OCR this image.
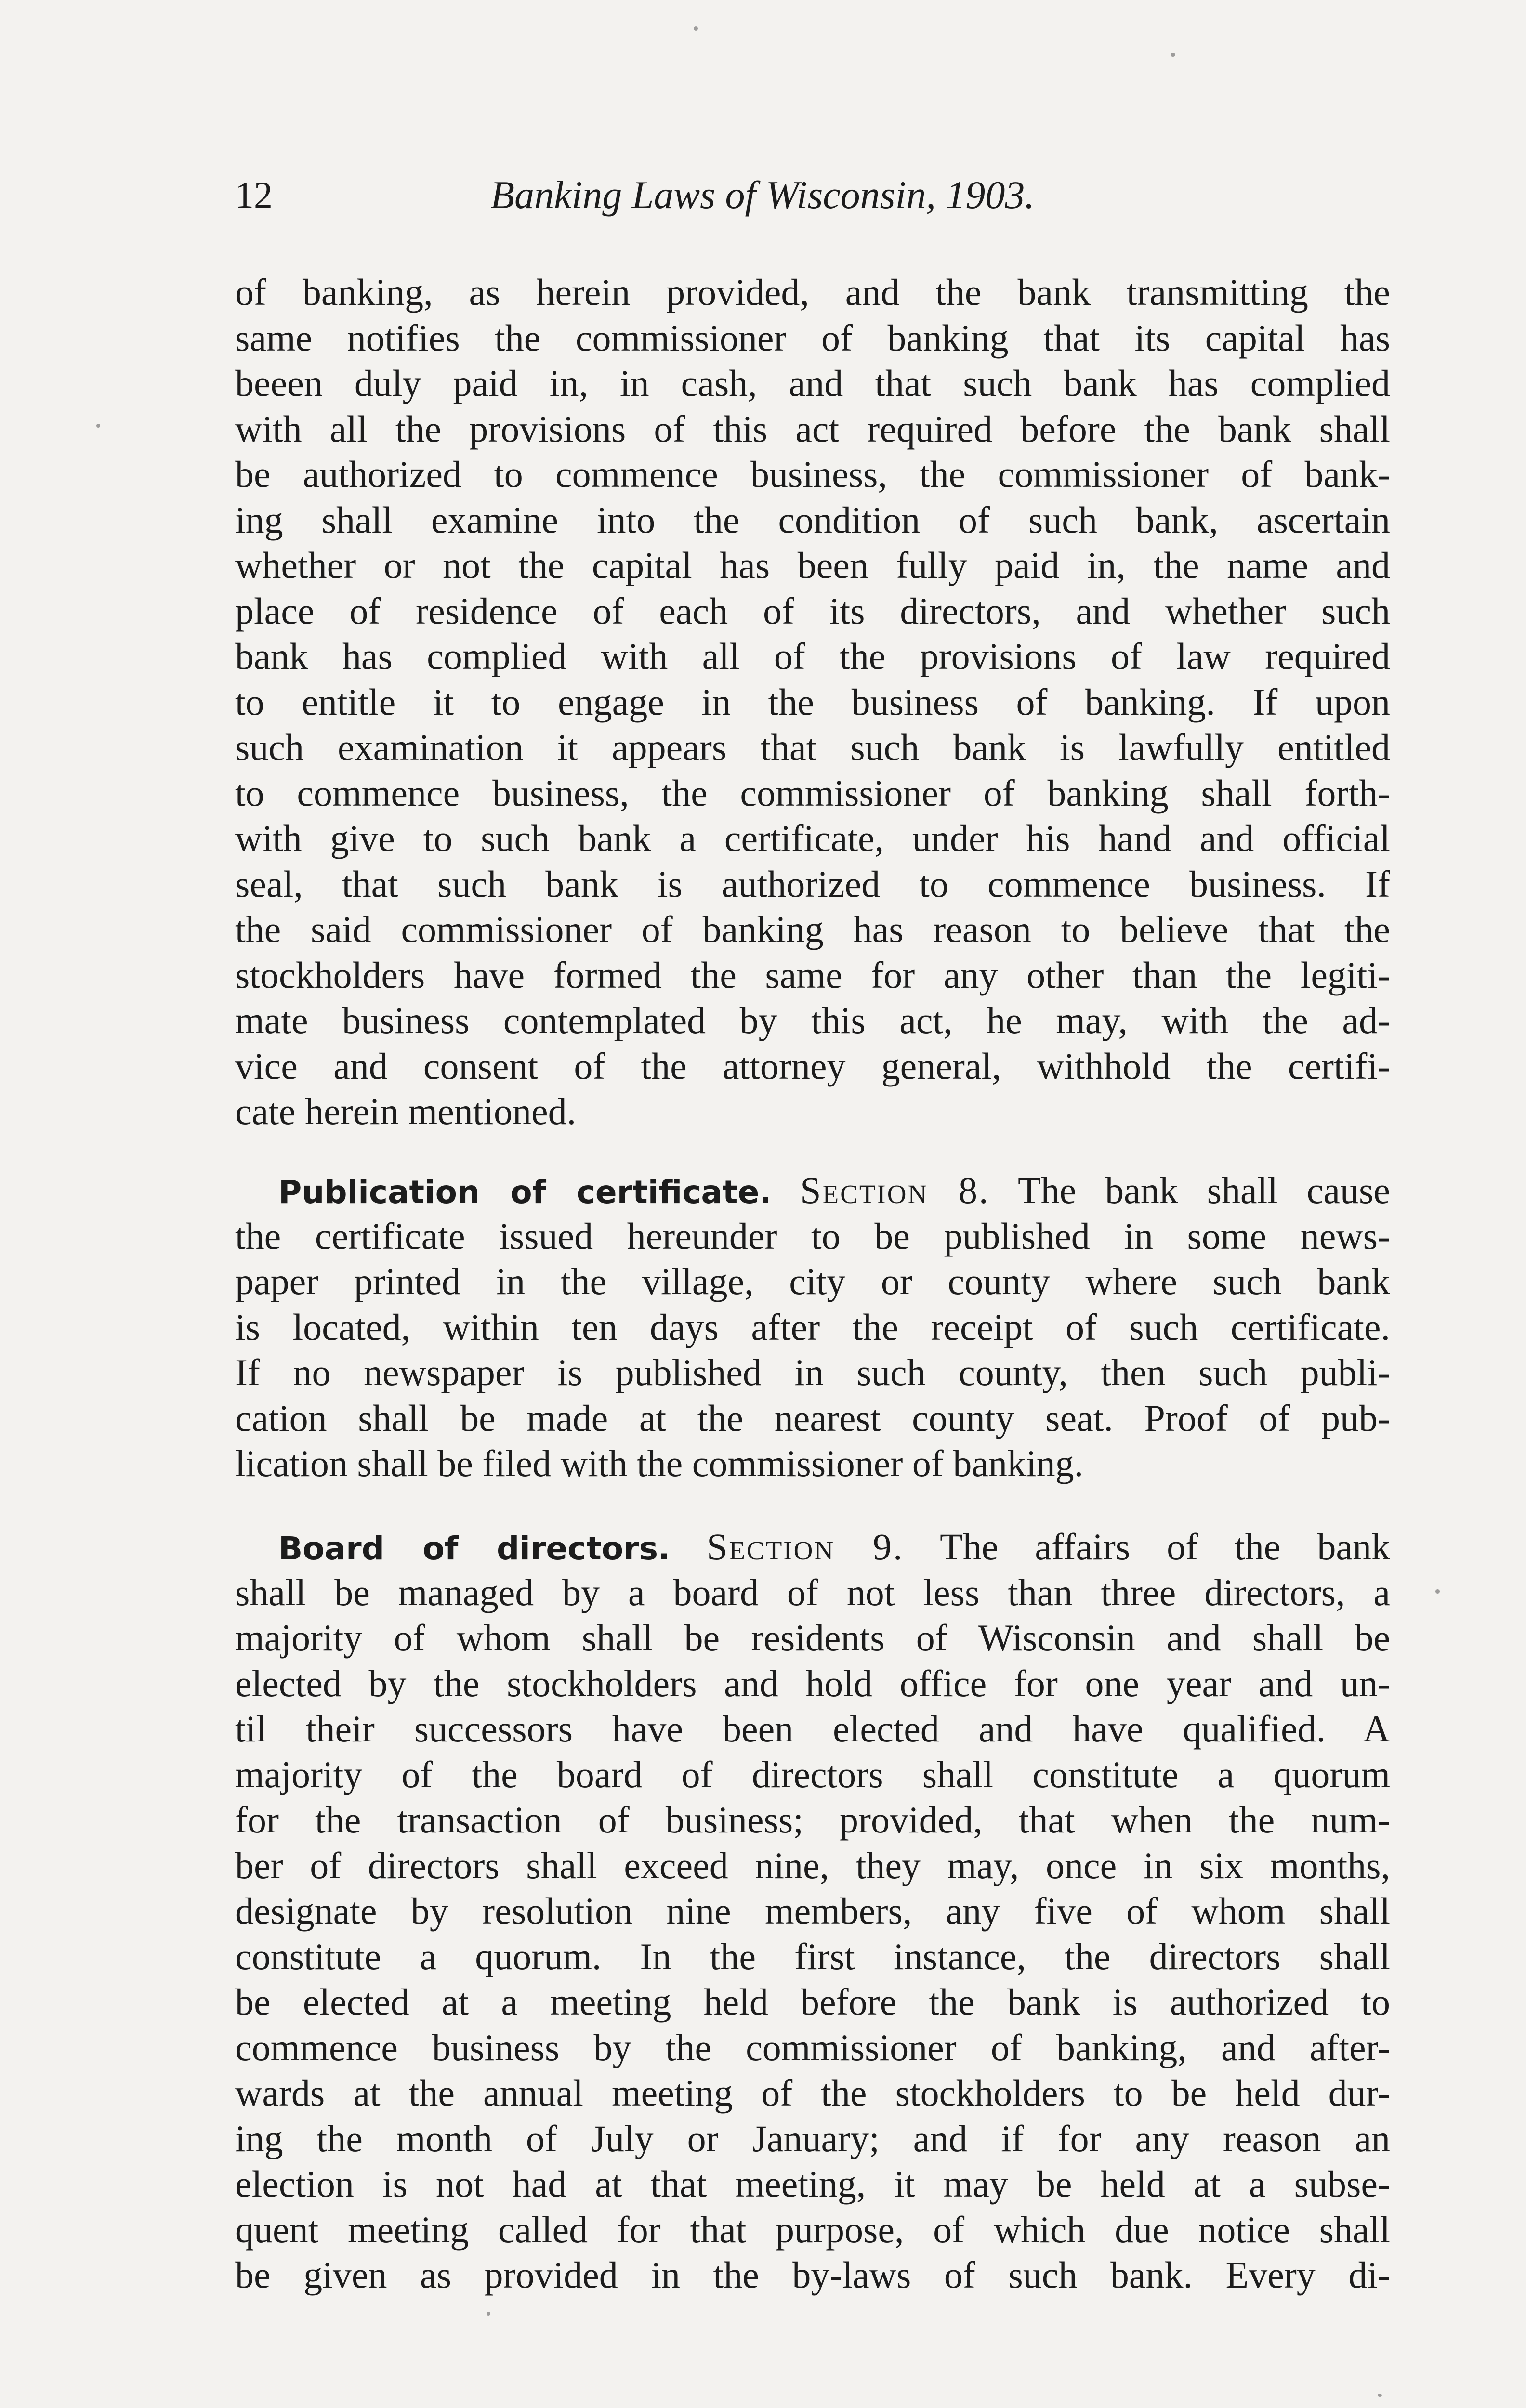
12	Banking Laws of Wisconsin, 1903.
of banking, as herein provided, and the bank transmitting the
same notifies the commissioner of banking that its capital has
beeen duly paid in, in cash, and that such bank has complied
with all the provisions of this act required before the bank shall
be authorized to commence business, the commissioner of bank-
ing shall examine into the condition of such bank, ascertain
whether or not the capital has been fully paid in, the name and
place of residence of each of its directors, and whether such
bank has complied with all of the provisions of law required
to entitle it to engage in the business of banking. If upon
such examination it appears that such bank is lawfully entitled
to commence business, the commissioner of banking shall forth-
with give to such bank a certificate, under his hand and official
seal, that such bank is authorized to commence business. If
the said commissioner of banking has reason to believe that the
stockholders have formed the same for any other than the legiti-
mate business contemplated by this act, he may, with the ad-
vice and consent of the attorney general, withhold the certifi-
cate herein mentioned.
Publication of certificate. Section 8. The bank shall cause
the certificate issued hereunder to be published in some news-
paper printed in the village, city or county where such bank
is located, within ten days after the receipt of such certificate.
If no newspaper is published in such county, then such publi-
cation shall be made at the nearest county seat. Proof of pub-
lication shall be filed with the commissioner of banking.
Board of directors. Section 9. The affairs of the bank
shall be managed by a board of not less than three directors, a
majority of whom shall be residents of Wisconsin and shall be
elected by the stockholders and hold office for one year and un-
til their successors have been elected and have qualified. A
majority of the board of directors shall constitute a quorum
for the transaction of business; provided, that when the num-
ber of directors shall exceed nine, they may, once in six months,
designate by resolution nine members, any five of whom shall
constitute a quorum. In the first instance, the directors shall
be elected at a meeting held before the bank is authorized to
commence business by the commissioner of banking, and after-
wards at the annual meeting of the stockholders to be held dur-
ing the month of July or January; and if for any reason an
election is not had at that meeting, it may be held at a subse-
quent meeting called for that purpose, of which due notice shall
be given as provided in the by-laws of such bank. Every di-
